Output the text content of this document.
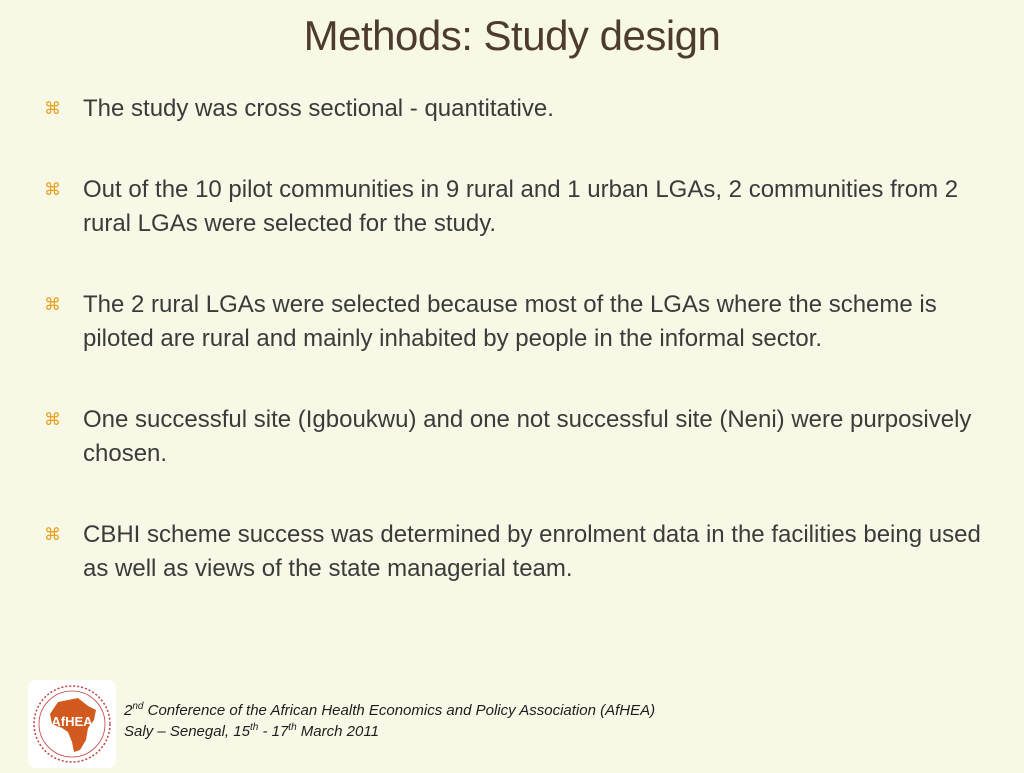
Methods: Study design
⌘ The study was cross sectional - quantitative.
⌘ Out of the 10 pilot communities in 9 rural and 1 urban LGAs, 2 communities from 2 rural LGAs were selected for the study.
⌘ The 2 rural LGAs were selected because most of the LGAs where the scheme is piloted are rural and mainly inhabited by people in the informal sector.
⌘ One successful site (Igboukwu) and one not successful site (Neni) were purposively chosen.
⌘ CBHI scheme success was determined by enrolment data in the facilities being used as well as views of the state managerial team.
AfHEA
2nd Conference of the African Health Economics and Policy Association (AfHEA)
Saly – Senegal, 15th - 17th March 2011
